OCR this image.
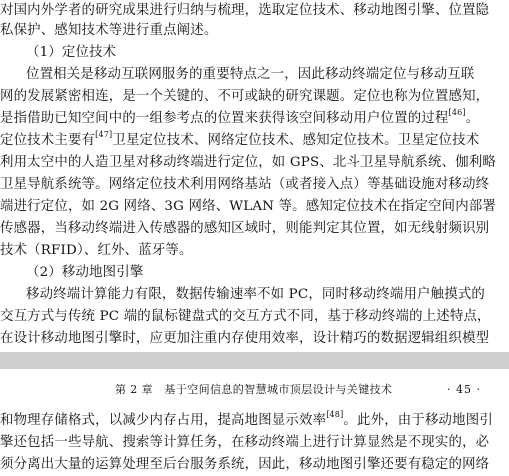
对国内外学者的研究成果进行归纳与梳理，选取定位技术、移动地图引擎、位置隐
私保护、感知技术等进行重点阐述。
（1）定位技术
位置相关是移动互联网服务的重要特点之一，因此移动终端定位与移动互联
网的发展紧密相连，是一个关键的、不可或缺的研究课题。定位也称为位置感知，
是指借助已知空间中的一组参考点的位置来获得该空间移动用户位置的过程[46]。
定位技术主要有[47]卫星定位技术、网络定位技术、感知定位技术。卫星定位技术
利用太空中的人造卫星对移动终端进行定位，如 GPS、北斗卫星导航系统、伽利略
卫星导航系统等。网络定位技术利用网络基站（或者接入点）等基础设施对移动终
端进行定位，如 2G 网络、3G 网络、WLAN 等。感知定位技术在指定空间内部署
传感器，当移动终端进入传感器的感知区域时，则能判定其位置，如无线射频识别
技术（RFID）、红外、蓝牙等。
（2）移动地图引擎
移动终端计算能力有限，数据传输速率不如 PC，同时移动终端用户触摸式的
交互方式与传统 PC 端的鼠标键盘式的交互方式不同，基于移动终端的上述特点，
在设计移动地图引擎时，应更加注重内存使用效率，设计精巧的数据逻辑组织模型
第 2 章　基于空间信息的智慧城市顶层设计与关键技术	· 45 ·
和物理存储格式，以减少内存占用，提高地图显示效率[48]。此外，由于移动地图引
擎还包括一些导航、搜索等计算任务，在移动终端上进行计算显然是不现实的，必
须分离出大量的运算处理至后台服务系统，因此，移动地图引擎还要有稳定的网络
